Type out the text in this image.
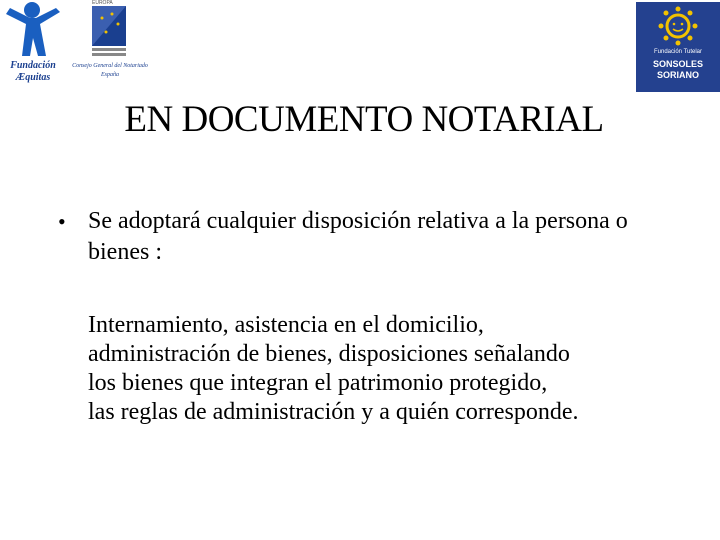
Fundación
Æquitas
EUROPA
Consejo General del Notariado
España
Fundación Tutelar
SONSOLES
SORIANO
EN DOCUMENTO NOTARIAL
• Se adoptará cualquier disposición relativa a la persona o bienes :
Internamiento, asistencia en el domicilio,
administración de bienes, disposiciones señalando
los bienes que integran el patrimonio protegido,
las reglas de administración y a quién corresponde.
